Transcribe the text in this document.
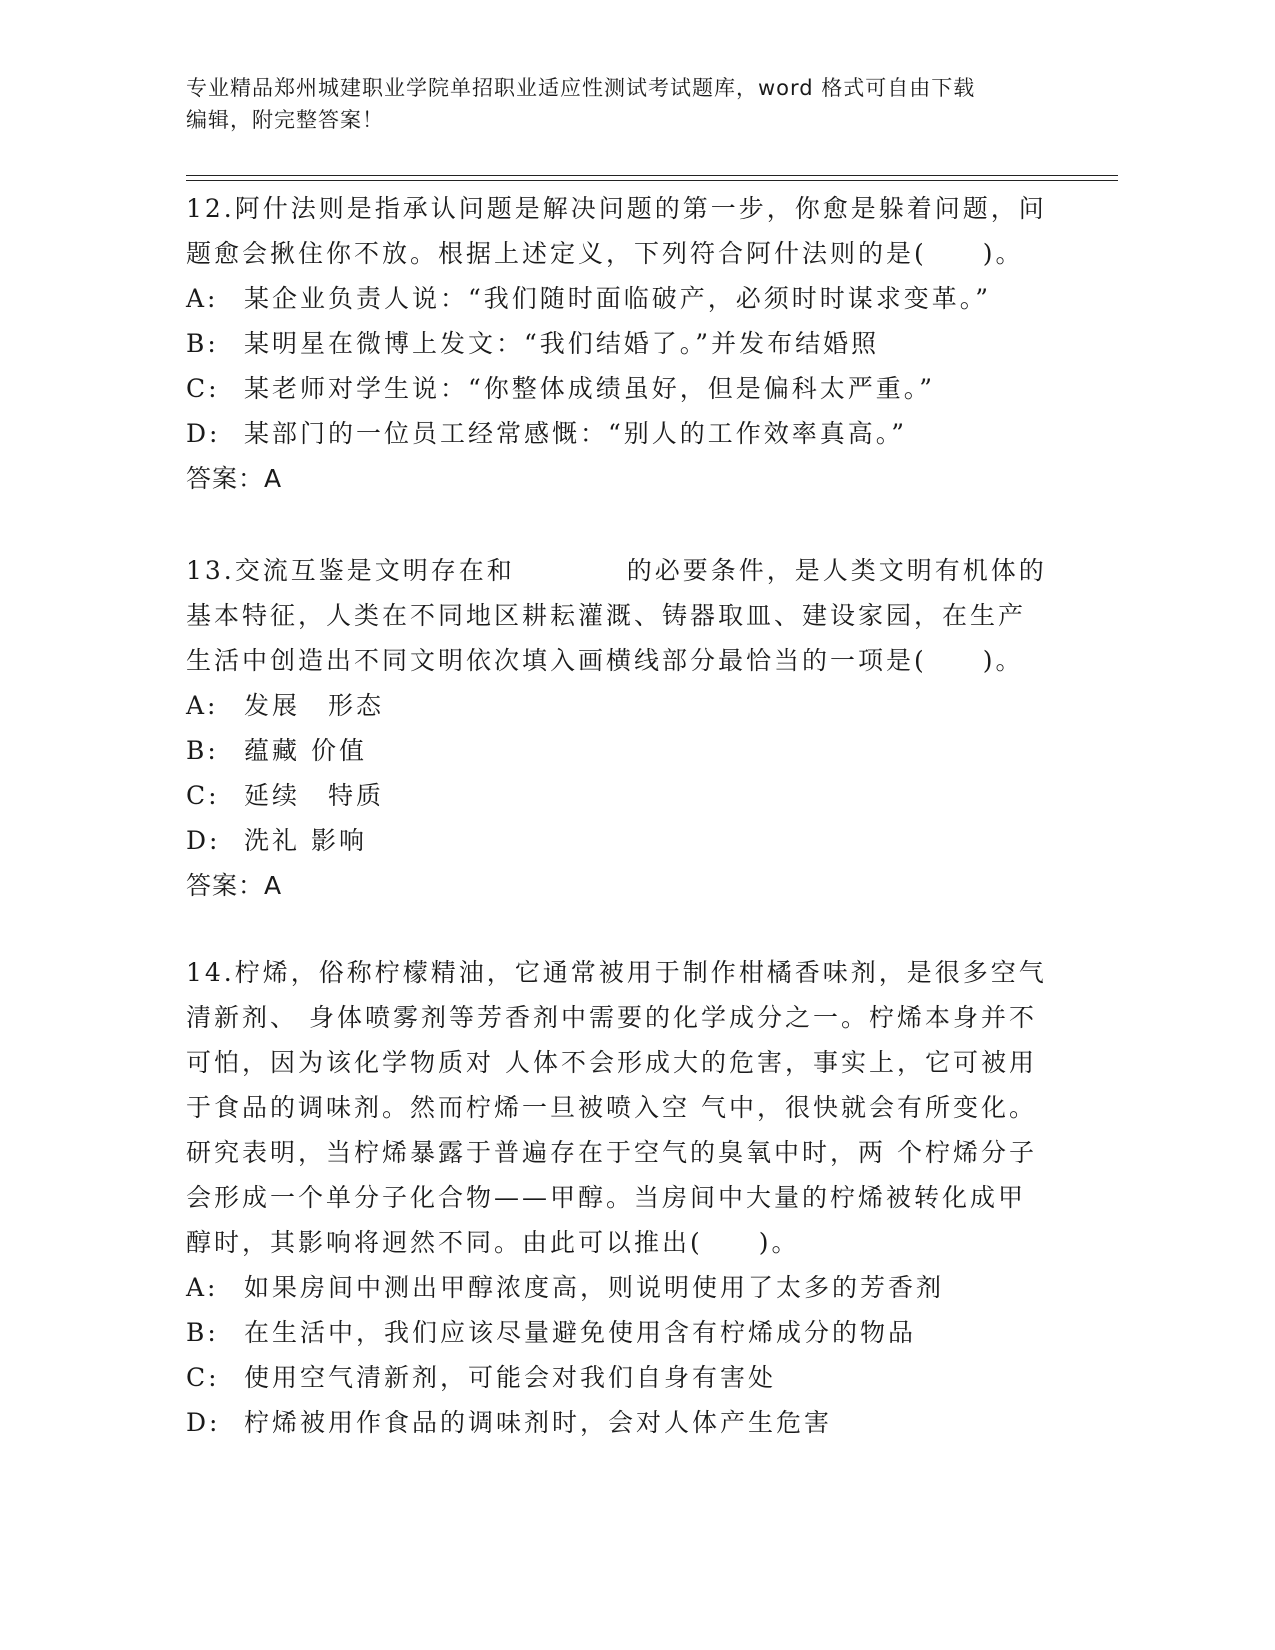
专业精品郑州城建职业学院单招职业适应性测试考试题库，word 格式可自由下载
编辑，附完整答案！
12.阿什法则是指承认问题是解决问题的第一步，你愈是躲着问题，问
题愈会揪住你不放。根据上述定义，下列符合阿什法则的是(　　)。
A: 某企业负责人说：“我们随时面临破产，必须时时谋求变革。”
B: 某明星在微博上发文：“我们结婚了。”并发布结婚照
C: 某老师对学生说：“你整体成绩虽好，但是偏科太严重。”
D: 某部门的一位员工经常感慨：“别人的工作效率真高。”
答案：A
13.交流互鉴是文明存在和　　　　的必要条件，是人类文明有机体的
基本特征，人类在不同地区耕耘灌溉、铸器取皿、建设家园，在生产
生活中创造出不同文明依次填入画横线部分最恰当的一项是(　　)。
A: 发展　形态
B: 蕴藏 价值
C: 延续　特质
D: 洗礼 影响
答案：A
14.柠烯，俗称柠檬精油，它通常被用于制作柑橘香味剂，是很多空气
清新剂、 身体喷雾剂等芳香剂中需要的化学成分之一。柠烯本身并不
可怕，因为该化学物质对 人体不会形成大的危害，事实上，它可被用
于食品的调味剂。然而柠烯一旦被喷入空 气中，很快就会有所变化。
研究表明，当柠烯暴露于普遍存在于空气的臭氧中时，两 个柠烯分子
会形成一个单分子化合物——甲醇。当房间中大量的柠烯被转化成甲
醇时，其影响将迥然不同。由此可以推出(　　)。
A: 如果房间中测出甲醇浓度高，则说明使用了太多的芳香剂
B: 在生活中，我们应该尽量避免使用含有柠烯成分的物品
C: 使用空气清新剂，可能会对我们自身有害处
D: 柠烯被用作食品的调味剂时，会对人体产生危害
